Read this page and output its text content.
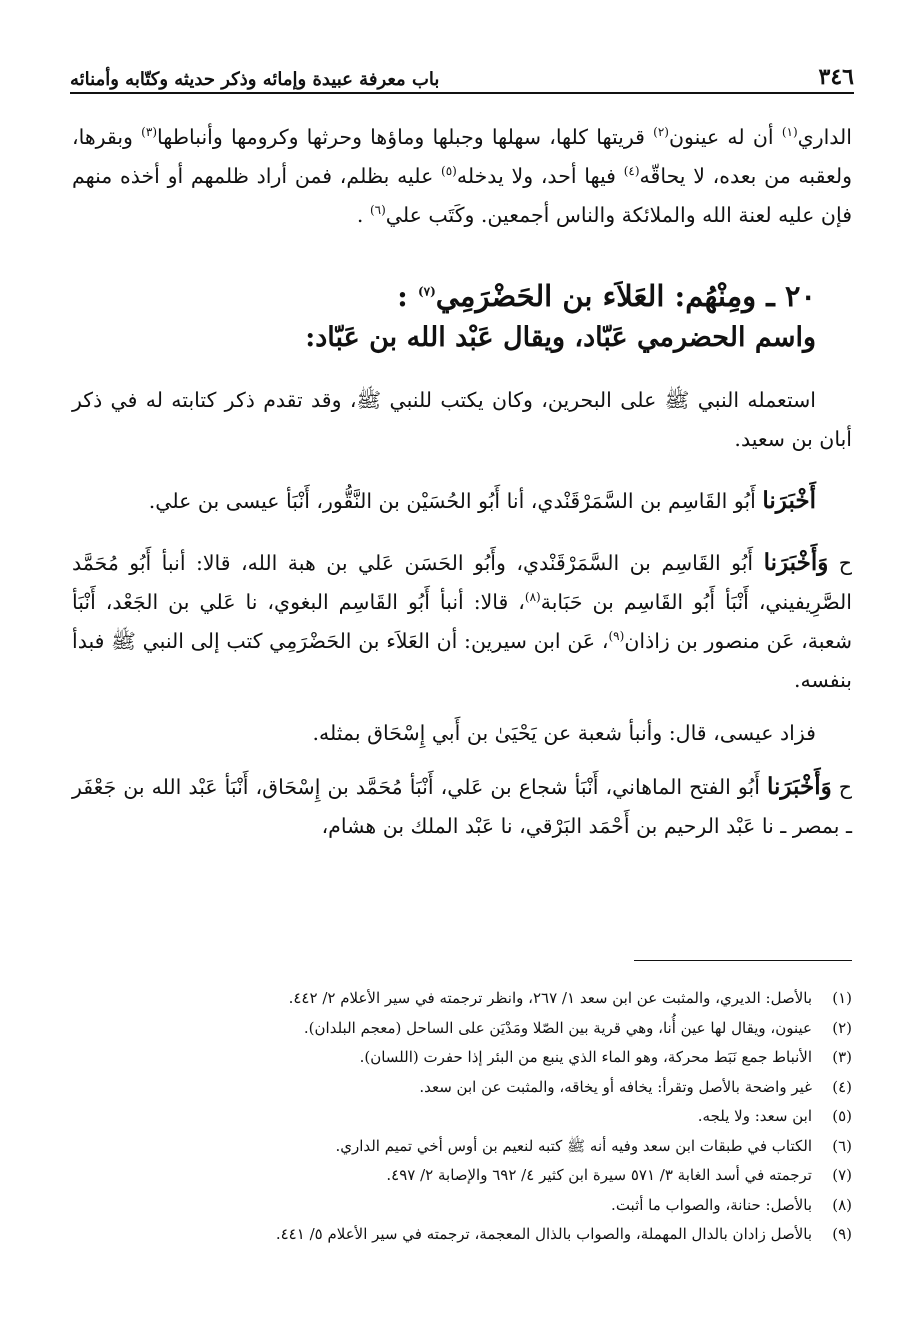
٣٤٦
باب معرفة عبيدة وإمائه وذكر حديثه وكتّابه وأمنائه

الداري$^{(١)}$ أن له عينون$^{(٢)}$ قريتها كلها، سهلها وجبلها وماؤها وحرثها وكرومها وأنباطها$^{(٣)}$ وبقرها، ولعقبه من بعده، لا يحاقّه$^{(٤)}$ فيها أحد، ولا يدخله$^{(٥)}$ عليه بظلم، فمن أراد ظلمهم أو أخذه منهم فإن عليه لعنة الله والملائكة والناس أجمعين. وكَتَب علي$^{(٦)}$ .

٢٠ ـ ومِنْهُم: العَلاَء بن الحَضْرَمِي$^{(٧)}$ :
واسم الحضرمي عَبّاد، ويقال عَبْد الله بن عَبّاد:

استعمله النبي ﷺ على البحرين، وكان يكتب للنبي ﷺ، وقد تقدم ذكر كتابته له في ذكر أبان بن سعيد.

أَخْبَرَنا أَبُو القَاسِم بن السَّمَرْقَنْدي، أنا أَبُو الحُسَيْن بن النَّقُّور، أَنْبَأ عيسى بن علي.

ح وَأَخْبَرَنا أَبُو القَاسِم بن السَّمَرْقَنْدي، وأَبُو الحَسَن عَلي بن هبة الله، قالا: أنبأ أَبُو مُحَمَّد الصَّرِيفيني، أَنْبَأ أَبُو القَاسِم بن حَبَابة$^{(٨)}$، قالا: أنبأ أَبُو القَاسِم البغوي، نا عَلي بن الجَعْد، أَنْبَأ شعبة، عَن منصور بن زاذان$^{(٩)}$، عَن ابن سيرين: أن العَلاَء بن الحَضْرَمِي كتب إلى النبي ﷺ فبدأ بنفسه.

فزاد عيسى، قال: وأنبأ شعبة عن يَحْيَىٰ بن أَبي إِسْحَاق بمثله.

ح وَأَخْبَرَنا أَبُو الفتح الماهاني، أَنْبَأ شجاع بن عَلي، أَنْبَأ مُحَمَّد بن إِسْحَاق، أَنْبَأ عَبْد الله بن جَعْفَر ـ بمصر ـ نا عَبْد الرحيم بن أَحْمَد البَرْقي، نا عَبْد الملك بن هشام،

(١)
بالأصل: الديري، والمثبت عن ابن سعد ١/ ٢٦٧، وانظر ترجمته في سير الأعلام ٢/ ٤٤٢.
(٢)
عينون، ويقال لها عين أُنا، وهي قرية بين الصّلا ومَدْيَن على الساحل (معجم البلدان).
(٣)
الأنباط جمع نَبَط محركة، وهو الماء الذي ينبع من البئر إذا حفرت (اللسان).
(٤)
غير واضحة بالأصل وتقرأ: يخافه أو يخاقه، والمثبت عن ابن سعد.
(٥)
ابن سعد: ولا يلجه.
(٦)
الكتاب في طبقات ابن سعد وفيه أنه ﷺ كتبه لنعيم بن أوس أخي تميم الداري.
(٧)
ترجمته في أسد الغابة ٣/ ٥٧١ سيرة ابن كثير ٤/ ٦٩٢ والإصابة ٢/ ٤٩٧.
(٨)
بالأصل: حنانة، والصواب ما أثبت.
(٩)
بالأصل زادان بالدال المهملة، والصواب بالذال المعجمة، ترجمته في سير الأعلام ٥/ ٤٤١.
